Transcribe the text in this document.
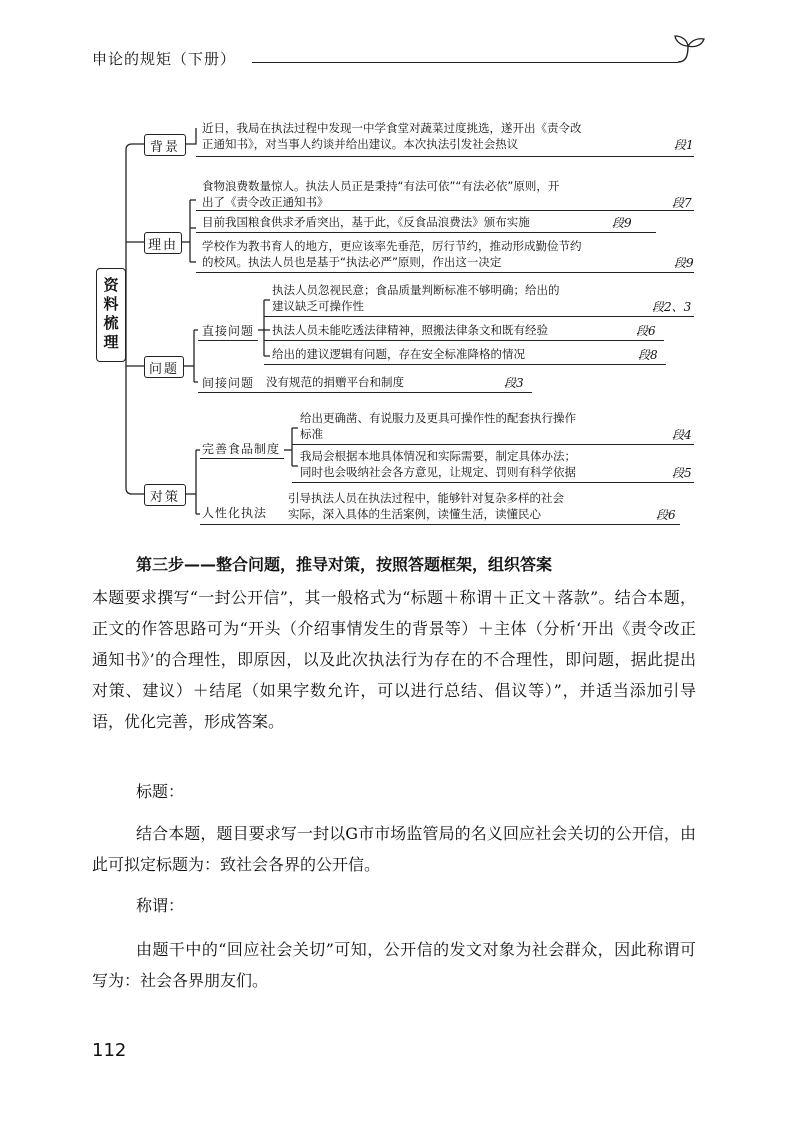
申论的规矩（下册）
资料梳理
背景
近日，我局在执法过程中发现一中学食堂对蔬菜过度挑选，遂开出《责令改
正通知书》，对当事人约谈并给出建议。本次执法引发社会热议	段1
理由
食物浪费数量惊人。执法人员正是秉持“有法可依”“有法必依”原则，开
出了《责令改正通知书》	段7
目前我国粮食供求矛盾突出，基于此，《反食品浪费法》颁布实施	段9
学校作为教书育人的地方，更应该率先垂范，厉行节约，推动形成勤俭节约
的校风。执法人员也是基于“执法必严”原则，作出这一决定	段9
问题
直接问题
执法人员忽视民意；食品质量判断标准不够明确；给出的
建议缺乏可操作性	段2、3
执法人员未能吃透法律精神，照搬法律条文和既有经验	段6
给出的建议逻辑有问题，存在安全标准降格的情况	段8
间接问题 没有规范的捐赠平台和制度	段3
对策
完善食品制度
给出更确凿、有说服力及更具可操作性的配套执行操作
标准	段4
我局会根据本地具体情况和实际需要，制定具体办法；
同时也会吸纳社会各方意见，让规定、罚则有科学依据	段5
人性化执法
引导执法人员在执法过程中，能够针对复杂多样的社会
实际，深入具体的生活案例，读懂生活，读懂民心	段6
第三步——整合问题，推导对策，按照答题框架，组织答案
本题要求撰写“一封公开信”，其一般格式为“标题＋称谓＋正文＋落款”。结合本题，正文的作答思路可为“开头（介绍事情发生的背景等）＋主体（分析‘开出《责令改正通知书》’的合理性，即原因，以及此次执法行为存在的不合理性，即问题，据此提出对策、建议）＋结尾（如果字数允许，可以进行总结、倡议等）”，并适当添加引导语，优化完善，形成答案。
标题：
结合本题，题目要求写一封以G市市场监管局的名义回应社会关切的公开信，由此可拟定标题为：致社会各界的公开信。
称谓：
由题干中的“回应社会关切”可知，公开信的发文对象为社会群众，因此称谓可写为：社会各界朋友们。
112
